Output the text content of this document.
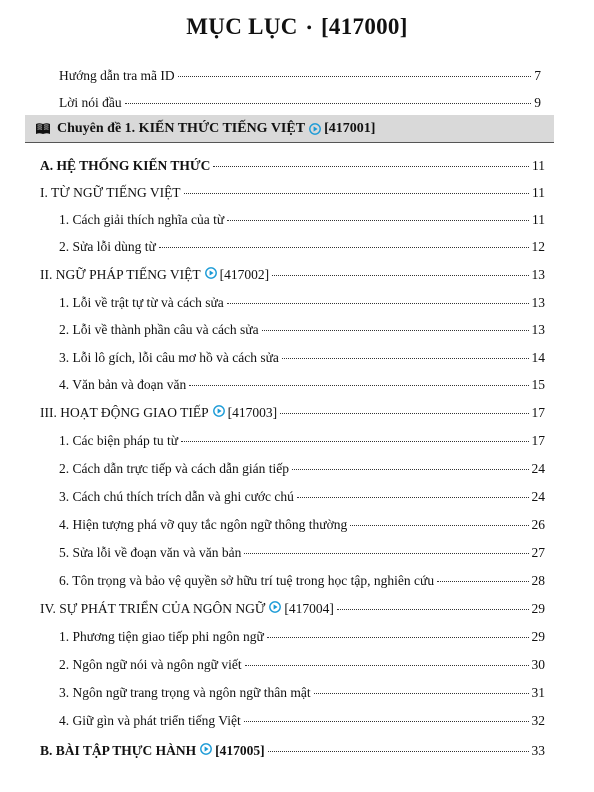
MỤC LỤC • [417000]
Hướng dẫn tra mã ID	7
Lời nói đầu	9
Chuyên đề 1. KIẾN THỨC TIẾNG VIỆT [417001]
A. HỆ THỐNG KIẾN THỨC	11
I. TỪ NGỮ TIẾNG VIỆT	11
1. Cách giải thích nghĩa của từ	11
2. Sửa lỗi dùng từ	12
II. NGỮ PHÁP TIẾNG VIỆT [417002]	13
1. Lỗi về trật tự từ và cách sửa	13
2. Lỗi về thành phần câu và cách sửa	13
3. Lỗi lô gích, lỗi câu mơ hồ và cách sửa	14
4. Văn bản và đoạn văn	15
III. HOẠT ĐỘNG GIAO TIẾP [417003]	17
1. Các biện pháp tu từ	17
2. Cách dẫn trực tiếp và cách dẫn gián tiếp	24
3. Cách chú thích trích dẫn và ghi cước chú	24
4. Hiện tượng phá vỡ quy tắc ngôn ngữ thông thường	26
5. Sửa lỗi về đoạn văn và văn bản	27
6. Tôn trọng và bảo vệ quyền sở hữu trí tuệ trong học tập, nghiên cứu	28
IV. SỰ PHÁT TRIỂN CỦA NGÔN NGỮ [417004]	29
1. Phương tiện giao tiếp phi ngôn ngữ	29
2. Ngôn ngữ nói và ngôn ngữ viết	30
3. Ngôn ngữ trang trọng và ngôn ngữ thân mật	31
4. Giữ gìn và phát triển tiếng Việt	32
B. BÀI TẬP THỰC HÀNH [417005]	33
